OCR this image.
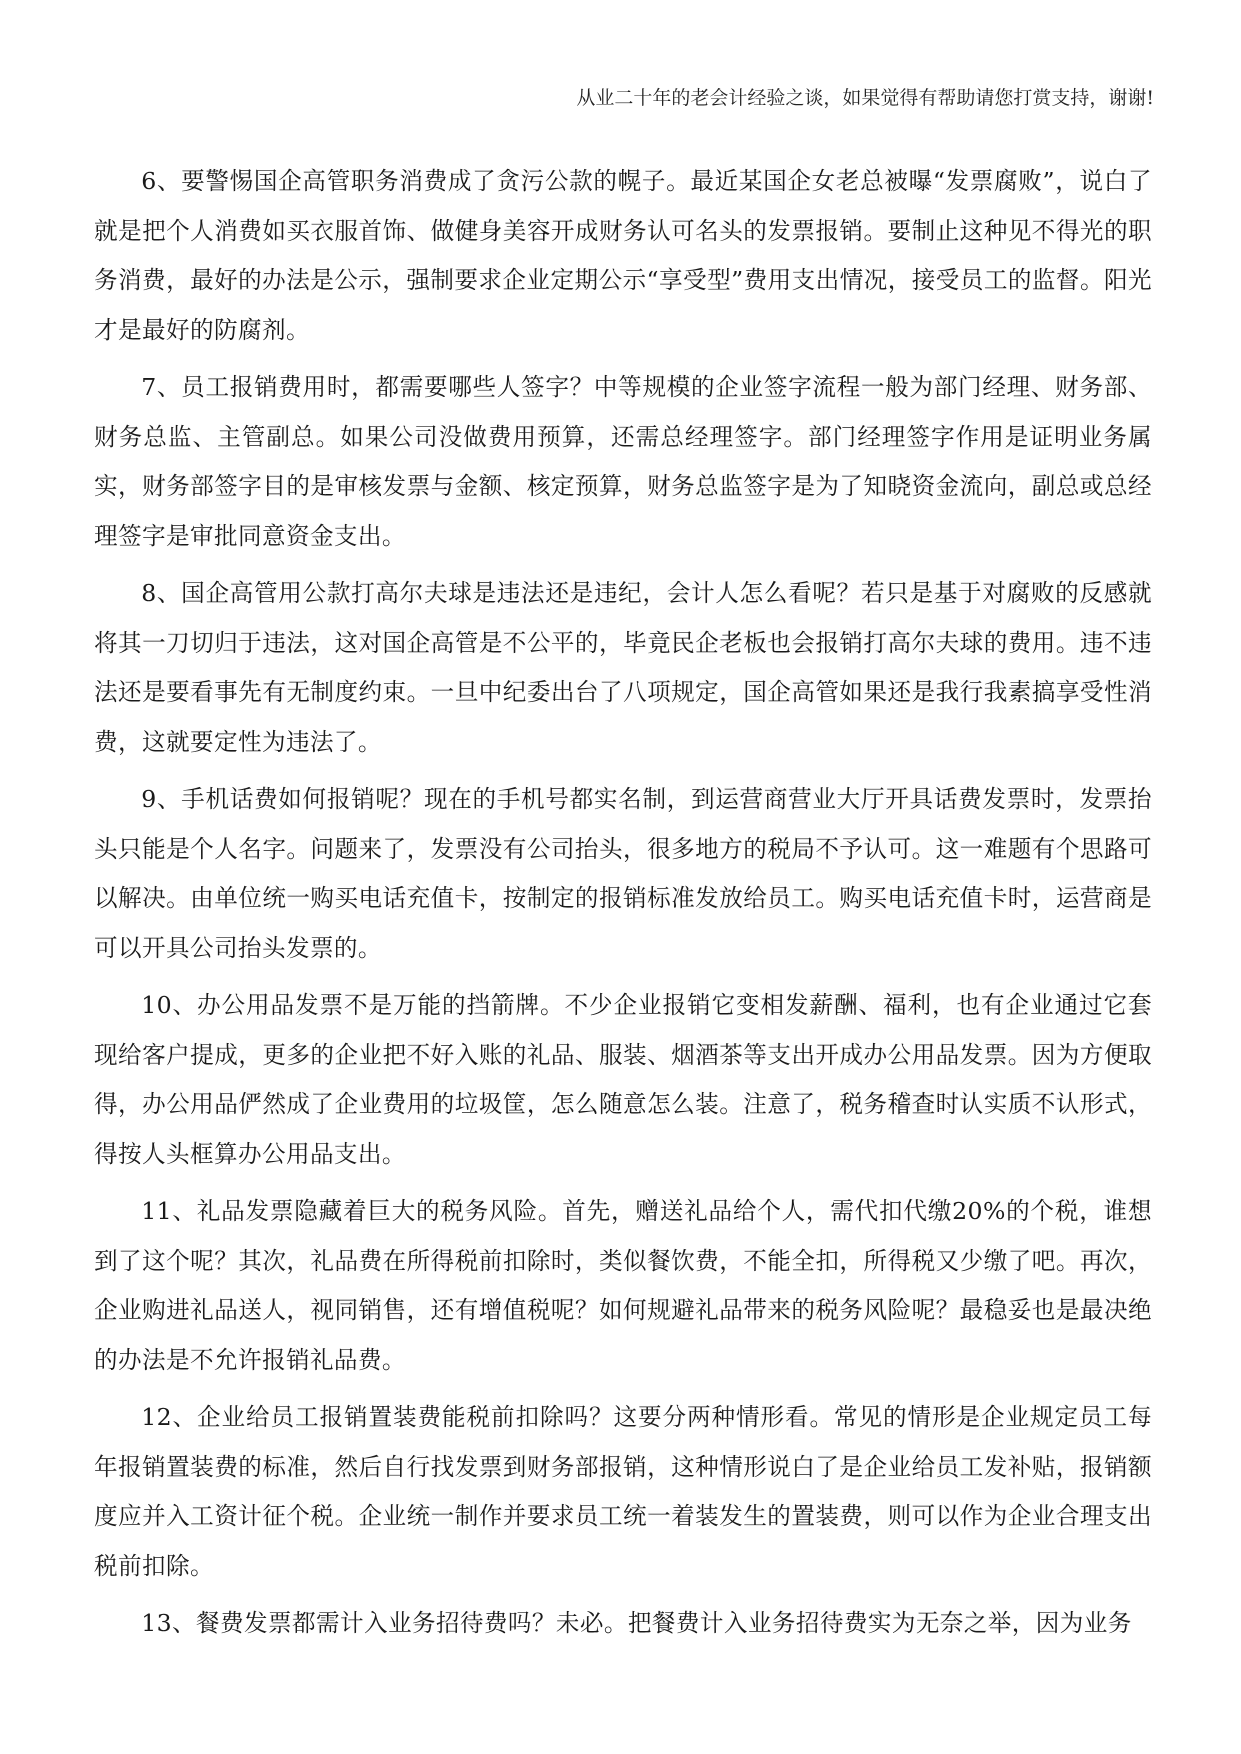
从业二十年的老会计经验之谈，如果觉得有帮助请您打赏支持，谢谢!

6、要警惕国企高管职务消费成了贪污公款的幌子。最近某国企女老总被曝“发票腐败”，说白了就是把个人消费如买衣服首饰、做健身美容开成财务认可名头的发票报销。要制止这种见不得光的职务消费，最好的办法是公示，强制要求企业定期公示“享受型”费用支出情况，接受员工的监督。阳光才是最好的防腐剂。

7、员工报销费用时，都需要哪些人签字？中等规模的企业签字流程一般为部门经理、财务部、财务总监、主管副总。如果公司没做费用预算，还需总经理签字。部门经理签字作用是证明业务属实，财务部签字目的是审核发票与金额、核定预算，财务总监签字是为了知晓资金流向，副总或总经理签字是审批同意资金支出。

8、国企高管用公款打高尔夫球是违法还是违纪，会计人怎么看呢？若只是基于对腐败的反感就将其一刀切归于违法，这对国企高管是不公平的，毕竟民企老板也会报销打高尔夫球的费用。违不违法还是要看事先有无制度约束。一旦中纪委出台了八项规定，国企高管如果还是我行我素搞享受性消费，这就要定性为违法了。

9、手机话费如何报销呢？现在的手机号都实名制，到运营商营业大厅开具话费发票时，发票抬头只能是个人名字。问题来了，发票没有公司抬头，很多地方的税局不予认可。这一难题有个思路可以解决。由单位统一购买电话充值卡，按制定的报销标准发放给员工。购买电话充值卡时，运营商是可以开具公司抬头发票的。

10、办公用品发票不是万能的挡箭牌。不少企业报销它变相发薪酬、福利，也有企业通过它套现给客户提成，更多的企业把不好入账的礼品、服装、烟酒茶等支出开成办公用品发票。因为方便取得，办公用品俨然成了企业费用的垃圾筐，怎么随意怎么装。注意了，税务稽查时认实质不认形式，得按人头框算办公用品支出。

11、礼品发票隐藏着巨大的税务风险。首先，赠送礼品给个人，需代扣代缴20%的个税，谁想到了这个呢？其次，礼品费在所得税前扣除时，类似餐饮费，不能全扣，所得税又少缴了吧。再次，企业购进礼品送人，视同销售，还有增值税呢？如何规避礼品带来的税务风险呢？最稳妥也是最决绝的办法是不允许报销礼品费。

12、企业给员工报销置装费能税前扣除吗？这要分两种情形看。常见的情形是企业规定员工每年报销置装费的标准，然后自行找发票到财务部报销，这种情形说白了是企业给员工发补贴，报销额度应并入工资计征个税。企业统一制作并要求员工统一着装发生的置装费，则可以作为企业合理支出税前扣除。

13、餐费发票都需计入业务招待费吗？未必。把餐费计入业务招待费实为无奈之举，因为业务
